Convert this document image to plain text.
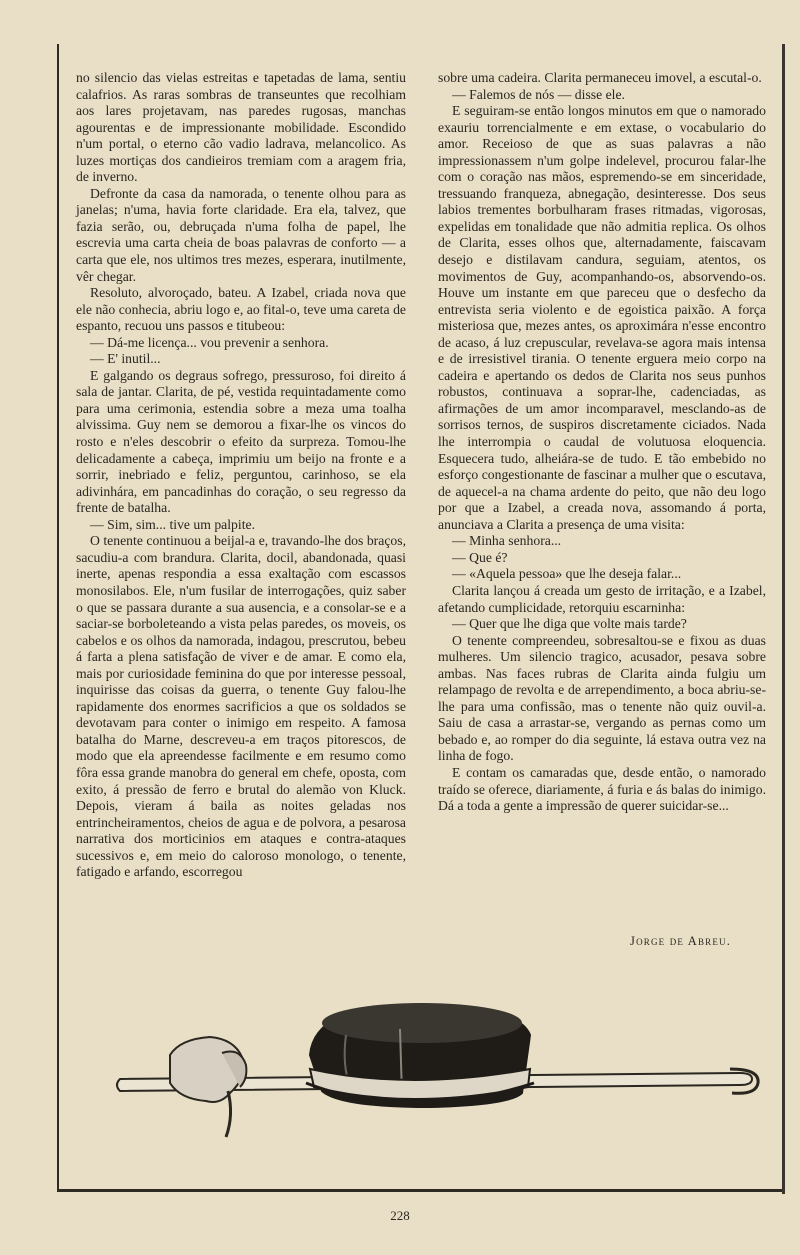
no silencio das vielas estreitas e tapetadas de lama, sentiu calafrios. As raras sombras de transeuntes que recolhiam aos lares projetavam, nas paredes rugosas, manchas agourentas e de impressionante mobilidade. Escondido n'um portal, o eterno cão vadio ladrava, melancolico. As luzes mortiças dos candieiros tremiam com a aragem fria, de inverno.

Defronte da casa da namorada, o tenente olhou para as janelas; n'uma, havia forte claridade. Era ela, talvez, que fazia serão, ou, debruçada n'uma folha de papel, lhe escrevia uma carta cheia de boas palavras de conforto — a carta que ele, nos ultimos tres mezes, esperara, inutilmente, vêr chegar.

Resoluto, alvoroçado, bateu. A Izabel, criada nova que ele não conhecia, abriu logo e, ao fital-o, teve uma careta de espanto, recuou uns passos e titubeou:

— Dá-me licença... vou prevenir a senhora.

— E' inutil...

E galgando os degraus sofrego, pressuroso, foi direito á sala de jantar. Clarita, de pé, vestida requintadamente como para uma cerimonia, estendia sobre a meza uma toalha alvissima. Guy nem se demorou a fixar-lhe os vincos do rosto e n'eles descobrir o efeito da surpreza. Tomou-lhe delicadamente a cabeça, imprimiu um beijo na fronte e a sorrir, inebriado e feliz, perguntou, carinhoso, se ela adivinhára, em pancadinhas do coração, o seu regresso da frente de batalha.

— Sim, sim... tive um palpite.

O tenente continuou a beijal-a e, travando-lhe dos braços, sacudiu-a com brandura. Clarita, docil, abandonada, quasi inerte, apenas respondia a essa exaltação com escassos monosilabos. Ele, n'um fusilar de interrogações, quiz saber o que se passara durante a sua ausencia, e a consolar-se e a saciar-se borboleteando a vista pelas paredes, os moveis, os cabelos e os olhos da namorada, indagou, prescrutou, bebeu á farta a plena satisfação de viver e de amar. E como ela, mais por curiosidade feminina do que por interesse pessoal, inquirisse das coisas da guerra, o tenente Guy falou-lhe rapidamente dos enormes sacrificios a que os soldados se devotavam para conter o inimigo em respeito. A famosa batalha do Marne, descreveu-a em traços pitorescos, de modo que ela apreendesse facilmente e em resumo como fôra essa grande manobra do general em chefe, oposta, com exito, á pressão de ferro e brutal do alemão von Kluck. Depois, vieram á baila as noites geladas nos entrincheiramentos, cheios de agua e de polvora, a pesarosa narrativa dos morticinios em ataques e contra-ataques sucessivos e, em meio do caloroso monologo, o tenente, fatigado e arfando, escorregou

sobre uma cadeira. Clarita permaneceu imovel, a escutal-o.

— Falemos de nós — disse ele.

E seguiram-se então longos minutos em que o namorado exauriu torrencialmente e em extase, o vocabulario do amor. Receioso de que as suas palavras a não impressionassem n'um golpe indelevel, procurou falar-lhe com o coração nas mãos, espremendo-se em sinceridade, tressuando franqueza, abnegação, desinteresse. Dos seus labios trementes borbulharam frases ritmadas, vigorosas, expelidas em tonalidade que não admitia replica. Os olhos de Clarita, esses olhos que, alternadamente, faiscavam desejo e distilavam candura, seguiam, atentos, os movimentos de Guy, acompanhando-os, absorvendo-os. Houve um instante em que pareceu que o desfecho da entrevista seria violento e de egoistica paixão. A força misteriosa que, mezes antes, os aproximára n'esse encontro de acaso, á luz crepuscular, revelava-se agora mais intensa e de irresistivel tirania. O tenente erguera meio corpo na cadeira e apertando os dedos de Clarita nos seus punhos robustos, continuava a soprar-lhe, cadenciadas, as afirmações de um amor incomparavel, mesclando-as de sorrisos ternos, de suspiros discretamente ciciados. Nada lhe interrompia o caudal de volutuosa eloquencia. Esquecera tudo, alheiára-se de tudo. E tão embebido no esforço congestionante de fascinar a mulher que o escutava, de aquecel-a na chama ardente do peito, que não deu logo por que a Izabel, a creada nova, assomando á porta, anunciava a Clarita a presença de uma visita:

— Minha senhora...

— Que é?

— «Aquela pessoa» que lhe deseja falar...

Clarita lançou á creada um gesto de irritação, e a Izabel, afetando cumplicidade, retorquiu escarninha:

— Quer que lhe diga que volte mais tarde?

O tenente compreendeu, sobresaltou-se e fixou as duas mulheres. Um silencio tragico, acusador, pesava sobre ambas. Nas faces rubras de Clarita ainda fulgiu um relampago de revolta e de arrependimento, a boca abriu-se-lhe para uma confissão, mas o tenente não quiz ouvil-a. Saiu de casa a arrastar-se, vergando as pernas como um bebado e, ao romper do dia seguinte, lá estava outra vez na linha de fogo.

E contam os camaradas que, desde então, o namorado traído se oferece, diariamente, á furia e ás balas do inimigo. Dá a toda a gente a impressão de querer suicidar-se...

Jorge de Abreu.
228
